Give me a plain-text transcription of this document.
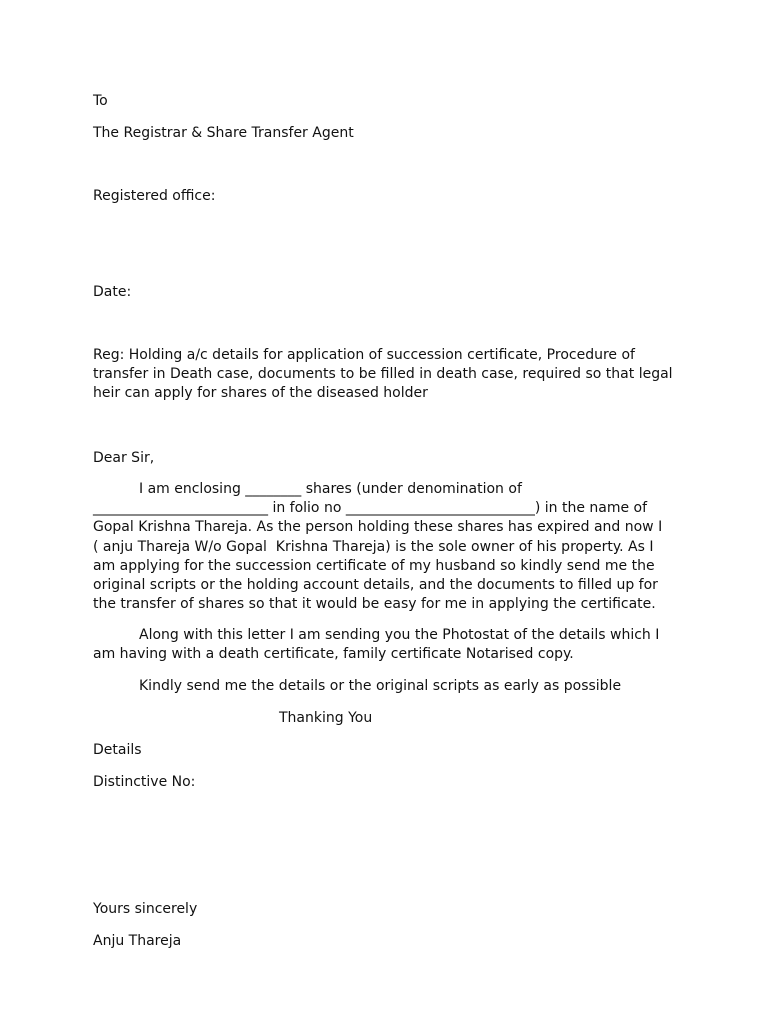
To
The Registrar & Share Transfer Agent
Registered office:
Date:
Reg: Holding a/c details for application of succession certificate, Procedure of
transfer in Death case, documents to be filled in death case, required so that legal
heir can apply for shares of the diseased holder
Dear Sir,
I am enclosing ________ shares (under denomination of
_________________________ in folio no ___________________________) in the name of
Gopal Krishna Thareja. As the person holding these shares has expired and now I
( anju Thareja W/o Gopal  Krishna Thareja) is the sole owner of his property. As I
am applying for the succession certificate of my husband so kindly send me the
original scripts or the holding account details, and the documents to filled up for
the transfer of shares so that it would be easy for me in applying the certificate.
Along with this letter I am sending you the Photostat of the details which I
am having with a death certificate, family certificate Notarised copy.
Kindly send me the details or the original scripts as early as possible
Thanking You
Details
Distinctive No:
Yours sincerely
Anju Thareja
